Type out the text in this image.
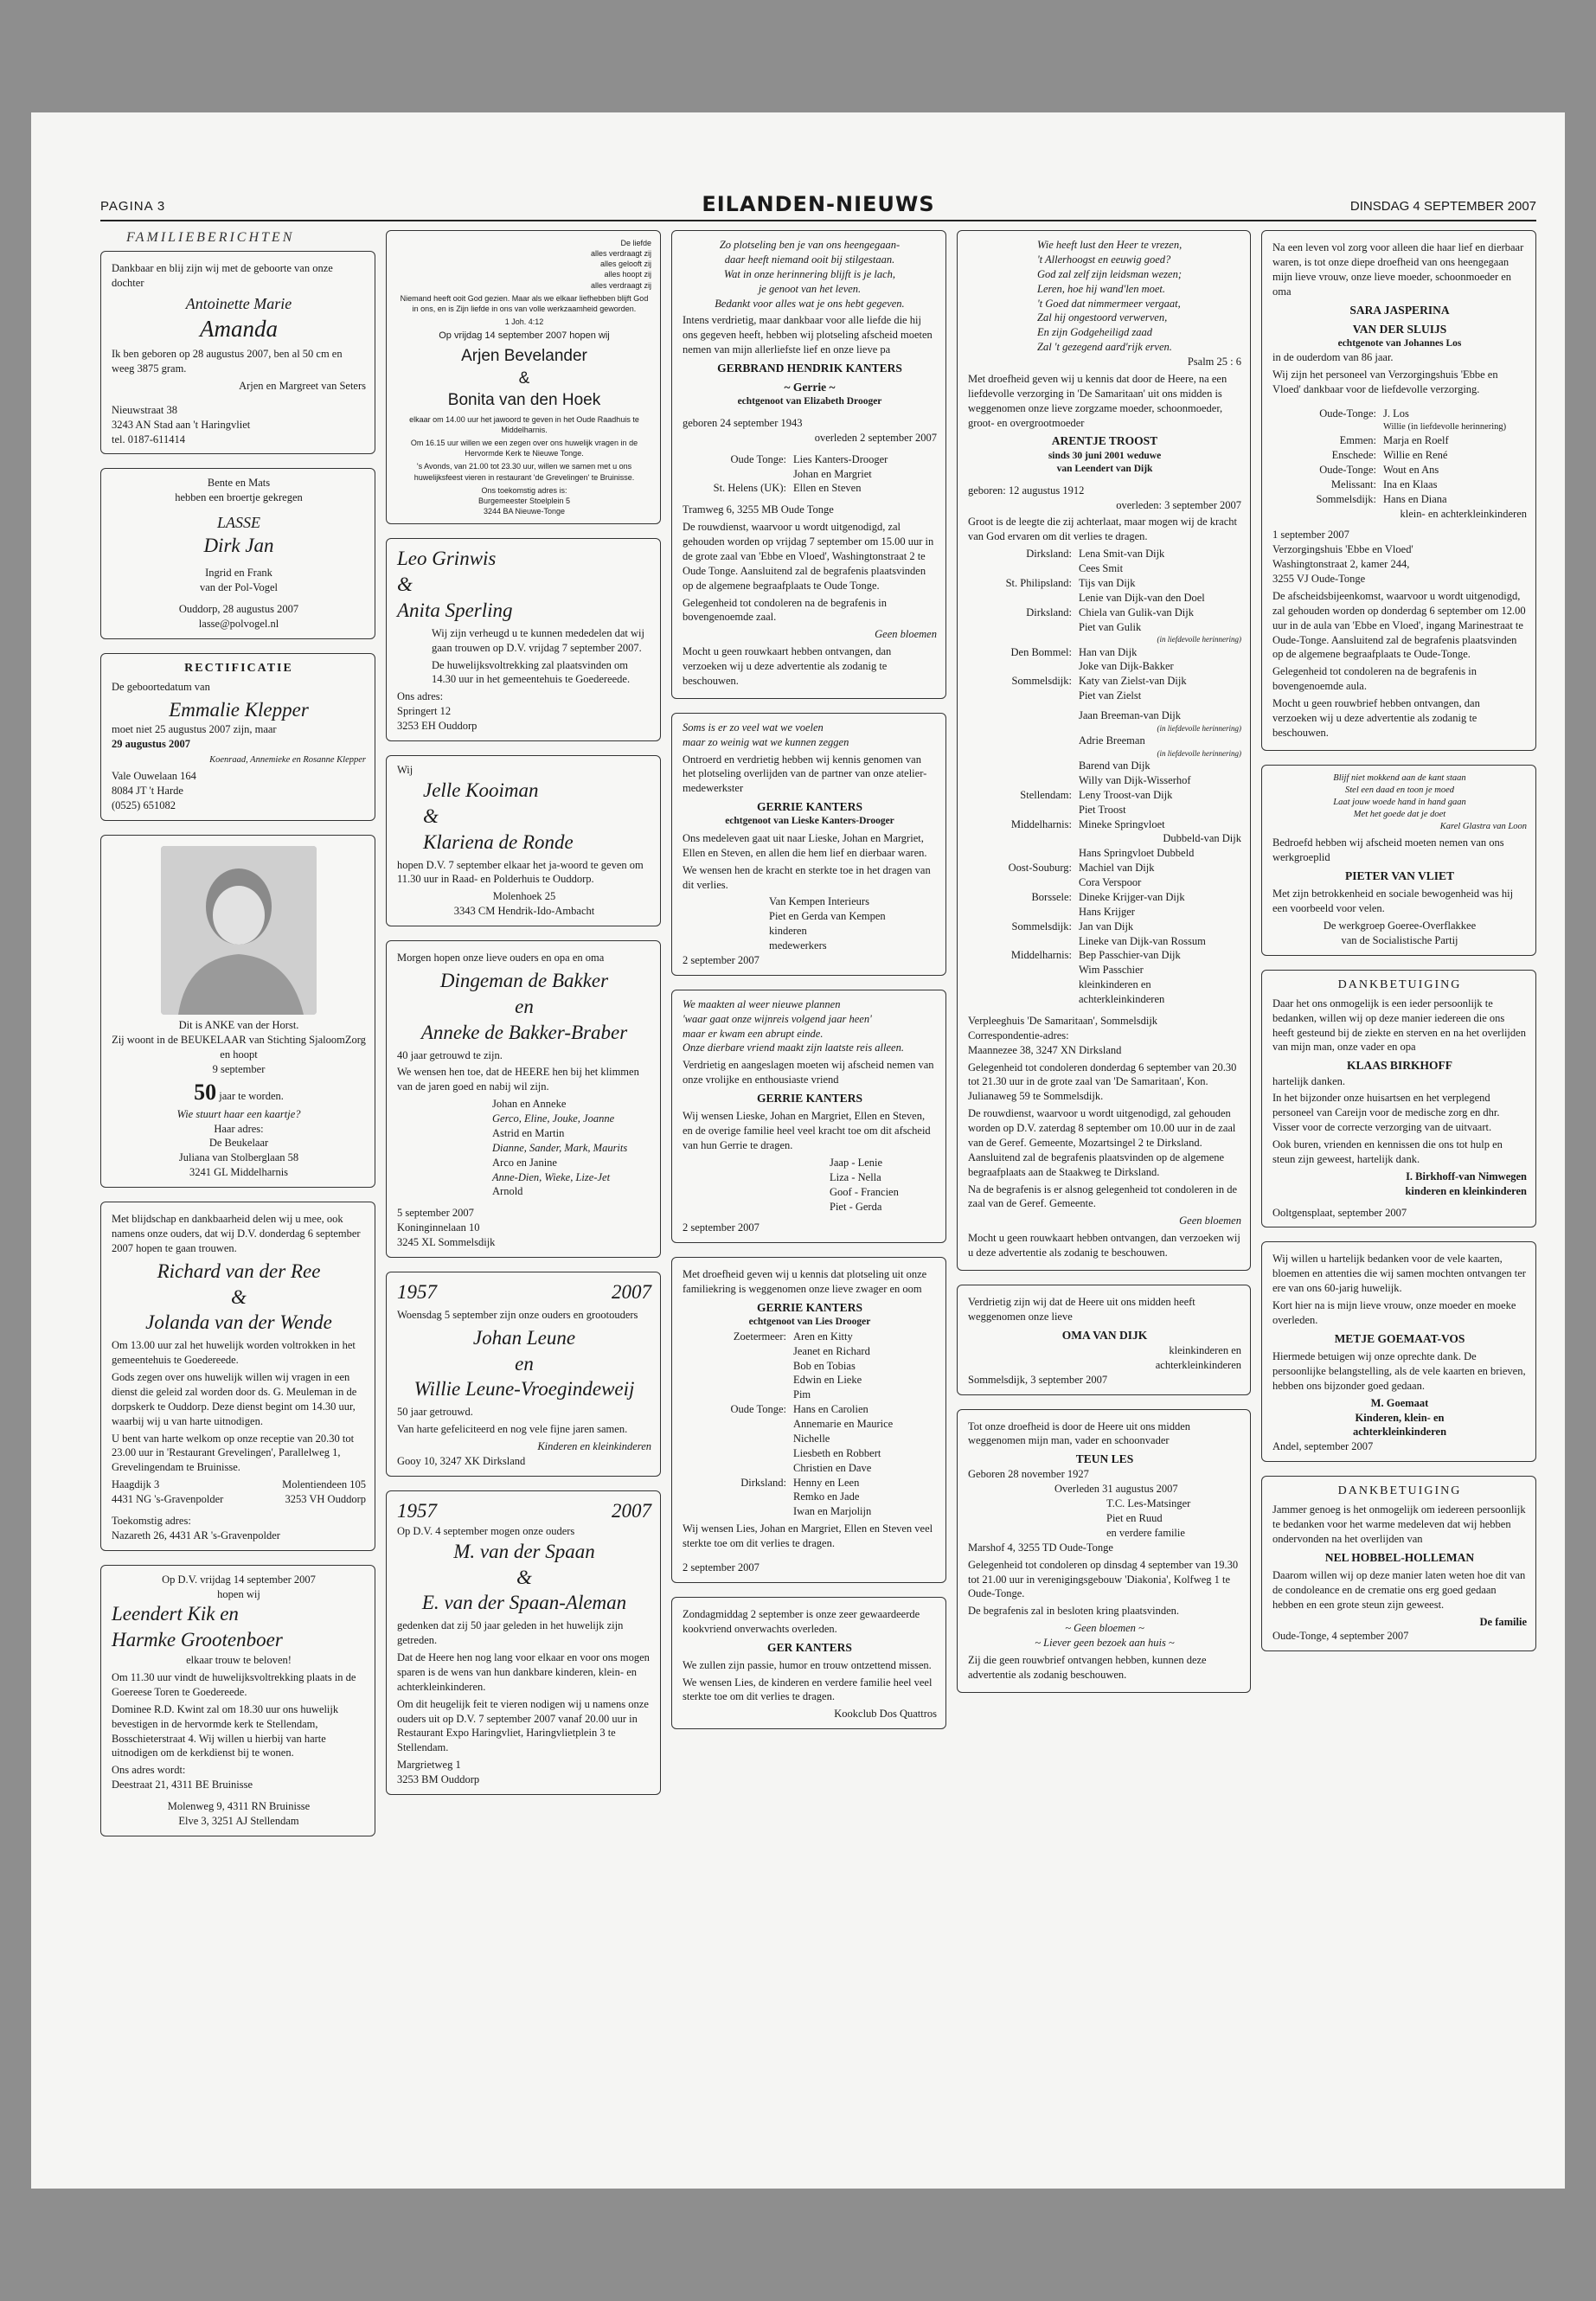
PAGINA 3	EILANDEN-NIEUWS	DINSDAG 4 SEPTEMBER 2007
FAMILIEBERICHTEN

Dankbaar en blij zijn wij met de geboorte van onze dochter

Antoinette Marie
Amanda

Ik ben geboren op 28 augustus 2007, ben al 50 cm en weeg 3875 gram.

Arjen en Margreet van Seters

Nieuwstraat 38
3243 AN Stad aan 't Haringvliet
tel. 0187-611414
Bente en Mats
hebben een broertje gekregen
LASSE
Dirk Jan
Ingrid en Frank
van der Pol-Vogel
Ouddorp, 28 augustus 2007
lasse@polvogel.nl
RECTIFICATIE

De geboortedatum van

Emmalie Klepper
moet niet 25 augustus 2007 zijn, maar
29 augustus 2007

Koenraad, Annemieke en Rosanne Klepper

Vale Ouwelaan 164
8084 JT 't Harde
(0525) 651082
Dit is ANKE van der Horst.
Zij woont in de BEUKELAAR van Stichting SjaloomZorg en hoopt
9 september
50 jaar te worden.
Wie stuurt haar een kaartje?
Haar adres:
De Beukelaar
Juliana van Stolberglaan 58
3241 GL Middelharnis

Met blijdschap en dankbaarheid delen wij u mee, ook namens onze ouders, dat wij D.V. donderdag 6 september 2007 hopen te gaan trouwen.

Richard van der Ree
&
Jolanda van der Wende

Om 13.00 uur zal het huwelijk worden voltrokken in het gemeentehuis te Goedereede.

Gods zegen over ons huwelijk willen wij vragen in een dienst die geleid zal worden door ds. G. Meuleman in de dorpskerk te Ouddorp. Deze dienst begint om 14.30 uur, waarbij wij u van harte uitnodigen.

U bent van harte welkom op onze receptie van 20.30 tot 23.00 uur in 'Restaurant Grevelingen', Parallelweg 1, Grevelingendam te Bruinisse.

Haagdijk 3	Molentiendeen 105
4431 NG 's-Gravenpolder	3253 VH Ouddorp
Toekomstig adres:
Nazareth 26, 4431 AR 's-Gravenpolder
Op D.V. vrijdag 14 september 2007
hopen wij
Leendert Kik en
Harmke Grootenboer
elkaar trouw te beloven!

Om 11.30 uur vindt de huwelijksvoltrekking plaats in de Goereese Toren te Goedereede.

Dominee R.D. Kwint zal om 18.30 uur ons huwelijk bevestigen in de hervormde kerk te Stellendam, Bosschieterstraat 4. Wij willen u hierbij van harte uitnodigen om de kerkdienst bij te wonen.

Ons adres wordt:
Deestraat 21, 4311 BE Bruinisse
Molenweg 9, 4311 RN Bruinisse
Elve 3, 3251 AJ Stellendam
De liefde
alles verdraagt zij
alles gelooft zij
alles hoopt zij
alles verdraagt zij

Niemand heeft ooit God gezien. Maar als we elkaar liefhebben blijft God in ons, en is Zijn liefde in ons van volle werkzaamheid geworden.

1 Joh. 4:12

Op vrijdag 14 september 2007 hopen wij

Arjen Bevelander
&
Bonita van den Hoek

elkaar om 14.00 uur het jawoord te geven in het Oude Raadhuis te Middelharnis.

Om 16.15 uur willen we een zegen over ons huwelijk vragen in de Hervormde Kerk te Nieuwe Tonge.

's Avonds, van 21.00 tot 23.30 uur, willen we samen met u ons huwelijksfeest vieren in restaurant 'de Grevelingen' te Bruinisse.

Ons toekomstig adres is:
Burgemeester Stoelplein 5
3244 BA Nieuwe-Tonge
Leo Grinwis
&
Anita Sperling

Wij zijn verheugd u te kunnen mededelen dat wij gaan trouwen op D.V. vrijdag 7 september 2007.

De huwelijksvoltrekking zal plaatsvinden om 14.30 uur in het gemeentehuis te Goedereede.

Ons adres:
Springert 12
3253 EH Ouddorp
Wij
Jelle Kooiman
&
Klariena de Ronde

hopen D.V. 7 september elkaar het ja-woord te geven om 11.30 uur in Raad- en Polderhuis te Ouddorp.

Molenhoek 25
3343 CM Hendrik-Ido-Ambacht

Morgen hopen onze lieve ouders en opa en oma

Dingeman de Bakker
en
Anneke de Bakker-Braber

40 jaar getrouwd te zijn.

We wensen hen toe, dat de HEERE hen bij het klimmen van de jaren goed en nabij wil zijn.

Johan en Anneke
Gerco, Eline, Jouke, Joanne
Astrid en Martin
Dianne, Sander, Mark, Maurits
Arco en Janine
Anne-Dien, Wieke, Lize-Jet
Arnold
5 september 2007
Koninginnelaan 10
3245 XL Sommelsdijk
1957	2007

Woensdag 5 september zijn onze ouders en grootouders

Johan Leune
en
Willie Leune-Vroegindeweij

50 jaar getrouwd.

Van harte gefeliciteerd en nog vele fijne jaren samen.

Kinderen en kleinkinderen
Gooy 10, 3247 XK Dirksland
1957	2007
Op D.V. 4 september mogen onze ouders
M. van der Spaan
&
E. van der Spaan-Aleman

gedenken dat zij 50 jaar geleden in het huwelijk zijn getreden.

Dat de Heere hen nog lang voor elkaar en voor ons mogen sparen is de wens van hun dankbare kinderen, klein- en achterkleinkinderen.

Om dit heugelijk feit te vieren nodigen wij u namens onze ouders uit op D.V. 7 september 2007 vanaf 20.00 uur in Restaurant Expo Haringvliet, Haringvlietplein 3 te Stellendam.

Margrietweg 1
3253 BM Ouddorp
Zo plotseling ben je van ons heengegaan-
daar heeft niemand ooit bij stilgestaan.
Wat in onze herinnering blijft is je lach,
je genoot van het leven.
Bedankt voor alles wat je ons hebt gegeven.

Intens verdrietig, maar dankbaar voor alle liefde die hij ons gegeven heeft, hebben wij plotseling afscheid moeten nemen van mijn allerliefste lief en onze lieve pa

GERBRAND HENDRIK KANTERS
~ Gerrie ~
echtgenoot van Elizabeth Drooger
geboren 24 september 1943
overleden 2 september 2007
Oude Tonge: Lies Kanters-Drooger
Johan en Margriet
St. Helens (UK): Ellen en Steven
Tramweg 6, 3255 MB Oude Tonge

De rouwdienst, waarvoor u wordt uitgenodigd, zal gehouden worden op vrijdag 7 september om 15.00 uur in de grote zaal van 'Ebbe en Vloed', Washingtonstraat 2 te Oude Tonge. Aansluitend zal de begrafenis plaatsvinden op de algemene begraafplaats te Oude Tonge.

Gelegenheid tot condoleren na de begrafenis in bovengenoemde zaal.

Geen bloemen

Mocht u geen rouwkaart hebben ontvangen, dan verzoeken wij u deze advertentie als zodanig te beschouwen.

Soms is er zo veel wat we voelen
maar zo weinig wat we kunnen zeggen

Ontroerd en verdrietig hebben wij kennis genomen van het plotseling overlijden van de partner van onze atelier-medewerkster

GERRIE KANTERS
echtgenoot van Lieske Kanters-Drooger

Ons medeleven gaat uit naar Lieske, Johan en Margriet, Ellen en Steven, en allen die hem lief en dierbaar waren.

We wensen hen de kracht en sterkte toe in het dragen van dit verlies.

Van Kempen Interieurs
Piet en Gerda van Kempen
kinderen
medewerkers
2 september 2007
We maakten al weer nieuwe plannen
'waar gaat onze wijnreis volgend jaar heen'
maar er kwam een abrupt einde.
Onze dierbare vriend maakt zijn laatste reis alleen.

Verdrietig en aangeslagen moeten wij afscheid nemen van onze vrolijke en enthousiaste vriend

GERRIE KANTERS

Wij wensen Lieske, Johan en Margriet, Ellen en Steven, en de overige familie heel veel kracht toe om dit afscheid van hun Gerrie te dragen.

Jaap - Lenie
Liza - Nella
Goof - Francien
Piet - Gerda
2 september 2007

Met droefheid geven wij u kennis dat plotseling uit onze familiekring is weggenomen onze lieve zwager en oom

GERRIE KANTERS
echtgenoot van Lies Drooger
Zoetermeer: Aren en Kitty
Jeanet en Richard
Bob en Tobias
Edwin en Lieke
Pim
Oude Tonge: Hans en Carolien
Annemarie en Maurice
Nichelle
Liesbeth en Robbert
Christien en Dave
Dirksland: Henny en Leen
Remko en Jade
Iwan en Marjolijn

Wij wensen Lies, Johan en Margriet, Ellen en Steven veel sterkte toe om dit verlies te dragen.

2 september 2007

Zondagmiddag 2 september is onze zeer gewaardeerde kookvriend onverwachts overleden.

GER KANTERS

We zullen zijn passie, humor en trouw ontzettend missen.

We wensen Lies, de kinderen en verdere familie heel veel sterkte toe om dit verlies te dragen.

Kookclub Dos Quattros
Wie heeft lust den Heer te vrezen,
't Allerhoogst en eeuwig goed?
God zal zelf zijn leidsman wezen;
Leren, hoe hij wand'len moet.
't Goed dat nimmermeer vergaat,
Zal hij ongestoord verwerven,
En zijn Godgeheiligd zaad
Zal 't gezegend aard'rijk erven.
Psalm 25 : 6

Met droefheid geven wij u kennis dat door de Heere, na een liefdevolle verzorging in 'De Samaritaan' uit ons midden is weggenomen onze lieve zorgzame moeder, schoonmoeder, groot- en overgrootmoeder

ARENTJE TROOST
sinds 30 juni 2001 weduwe
van Leendert van Dijk
geboren: 12 augustus 1912
overleden: 3 september 2007

Groot is de leegte die zij achterlaat, maar mogen wij de kracht van God ervaren om dit verlies te dragen.

Dirksland: Lena Smit-van Dijk
Cees Smit
St. Philipsland: Tijs van Dijk
Lenie van Dijk-van den Doel
Dirksland: Chiela van Gulik-van Dijk
Piet van Gulik
(in liefdevolle herinnering)
Den Bommel: Han van Dijk
Joke van Dijk-Bakker
Sommelsdijk: Katy van Zielst-van Dijk
Piet van Zielst
Jaan Breeman-van Dijk
(in liefdevolle herinnering)
Adrie Breeman
(in liefdevolle herinnering)
Barend van Dijk
Willy van Dijk-Wisserhof
Stellendam: Leny Troost-van Dijk
Piet Troost
Middelharnis: Mineke Springvloet
Dubbeld-van Dijk
Hans Springvloet Dubbeld
Oost-Souburg: Machiel van Dijk
Cora Verspoor
Borssele: Dineke Krijger-van Dijk
Hans Krijger
Sommelsdijk: Jan van Dijk
Lineke van Dijk-van Rossum
Middelharnis: Bep Passchier-van Dijk
Wim Passchier
kleinkinderen en
achterkleinkinderen
Verpleeghuis 'De Samaritaan', Sommelsdijk
Correspondentie-adres:
Maannezee 38, 3247 XN Dirksland

Gelegenheid tot condoleren donderdag 6 september van 20.30 tot 21.30 uur in de grote zaal van 'De Samaritaan', Kon. Julianaweg 59 te Sommelsdijk.

De rouwdienst, waarvoor u wordt uitgenodigd, zal gehouden worden op D.V. zaterdag 8 september om 10.00 uur in de zaal van de Geref. Gemeente, Mozartsingel 2 te Dirksland. Aansluitend zal de begrafenis plaatsvinden op de algemene begraafplaats aan de Staakweg te Dirksland.

Na de begrafenis is er alsnog gelegenheid tot condoleren in de zaal van de Geref. Gemeente.

Geen bloemen

Mocht u geen rouwkaart hebben ontvangen, dan verzoeken wij u deze advertentie als zodanig te beschouwen.

Verdrietig zijn wij dat de Heere uit ons midden heeft weggenomen onze lieve

OMA VAN DIJK
kleinkinderen en
achterkleinkinderen
Sommelsdijk, 3 september 2007

Tot onze droefheid is door de Heere uit ons midden weggenomen mijn man, vader en schoonvader

TEUN LES
Geboren 28 november 1927
Overleden 31 augustus 2007
T.C. Les-Matsinger
Piet en Ruud
en verdere familie
Marshof 4, 3255 TD Oude-Tonge

Gelegenheid tot condoleren op dinsdag 4 september van 19.30 tot 21.00 uur in verenigingsgebouw 'Diakonia', Kolfweg 1 te Oude-Tonge.

De begrafenis zal in besloten kring plaatsvinden.

~ Geen bloemen ~
~ Liever geen bezoek aan huis ~

Zij die geen rouwbrief ontvangen hebben, kunnen deze advertentie als zodanig beschouwen.

Na een leven vol zorg voor alleen die haar lief en dierbaar waren, is tot onze diepe droefheid van ons heengegaan mijn lieve vrouw, onze lieve moeder, schoonmoeder en oma

SARA JASPERINA
VAN DER SLUIJS
echtgenote van Johannes Los
in de ouderdom van 86 jaar.

Wij zijn het personeel van Verzorgingshuis 'Ebbe en Vloed' dankbaar voor de liefdevolle verzorging.

Oude-Tonge: J. Los
Willie (in liefdevolle herinnering)
Emmen: Marja en Roelf
Enschede: Willie en René
Oude-Tonge: Wout en Ans
Melissant: Ina en Klaas
Sommelsdijk: Hans en Diana
klein- en achterkleinkinderen
1 september 2007
Verzorgingshuis 'Ebbe en Vloed'
Washingtonstraat 2, kamer 244,
3255 VJ Oude-Tonge

De afscheidsbijeenkomst, waarvoor u wordt uitgenodigd, zal gehouden worden op donderdag 6 september om 12.00 uur in de aula van 'Ebbe en Vloed', ingang Marinestraat te Oude-Tonge. Aansluitend zal de begrafenis plaatsvinden op de algemene begraafplaats te Oude-Tonge.

Gelegenheid tot condoleren na de begrafenis in bovengenoemde aula.

Mocht u geen rouwbrief hebben ontvangen, dan verzoeken wij u deze advertentie als zodanig te beschouwen.

Blijf niet mokkend aan de kant staan
Stel een daad en toon je moed
Laat jouw woede hand in hand gaan
Met het goede dat je doet
Karel Glastra van Loon

Bedroefd hebben wij afscheid moeten nemen van ons werkgroeplid

PIETER VAN VLIET

Met zijn betrokkenheid en sociale bewogenheid was hij een voorbeeld voor velen.

De werkgroep Goeree-Overflakkee
van de Socialistische Partij
DANKBETUIGING

Daar het ons onmogelijk is een ieder persoonlijk te bedanken, willen wij op deze manier iedereen die ons heeft gesteund bij de ziekte en sterven en na het overlijden van mijn man, onze vader en opa

KLAAS BIRKHOFF
hartelijk danken.

In het bijzonder onze huisartsen en het verplegend personeel van Careijn voor de medische zorg en dhr. Visser voor de correcte verzorging van de uitvaart.

Ook buren, vrienden en kennissen die ons tot hulp en steun zijn geweest, hartelijk dank.

I. Birkhoff-van Nimwegen
kinderen en kleinkinderen
Ooltgensplaat, september 2007

Wij willen u hartelijk bedanken voor de vele kaarten, bloemen en attenties die wij samen mochten ontvangen ter ere van ons 60-jarig huwelijk.

Kort hier na is mijn lieve vrouw, onze moeder en moeke overleden.

METJE GOEMAAT-VOS

Hiermede betuigen wij onze oprechte dank. De persoonlijke belangstelling, als de vele kaarten en brieven, hebben ons bijzonder goed gedaan.

M. Goemaat
Kinderen, klein- en
achterkleinkinderen
Andel, september 2007
DANKBETUIGING

Jammer genoeg is het onmogelijk om iedereen persoonlijk te bedanken voor het warme medeleven dat wij hebben ondervonden na het overlijden van

NEL HOBBEL-HOLLEMAN

Daarom willen wij op deze manier laten weten hoe dit van de condoleance en de crematie ons erg goed gedaan hebben en een grote steun zijn geweest.

De familie
Oude-Tonge, 4 september 2007
